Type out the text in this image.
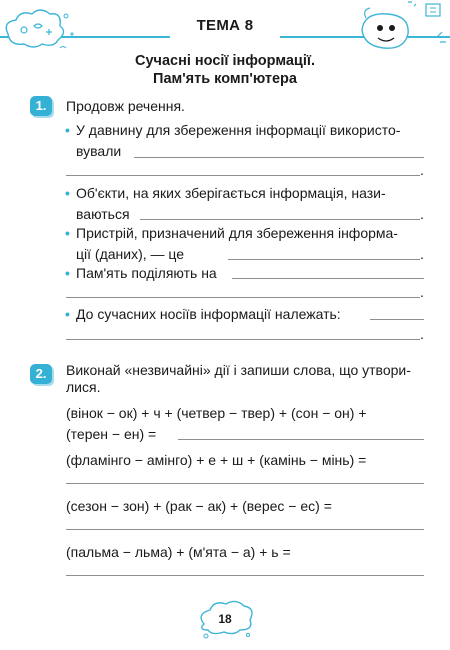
ТЕМА 8
Сучасні носії інформації.
Пам'ять комп'ютера
1.	Продовж речення.
• У давнину для збереження інформації використо-
вували
.
• Об'єкти, на яких зберігається інформація, нази-
ваються	.
• Пристрій, призначений для збереження інформа-
ції (даних), — це	.
• Пам'ять поділяють на
.
• До сучасних носіїв інформації належать:
.
2.	Виконай «незвичайні» дії і запиши слова, що утвори-
лися.
(вінок − ок) + ч + (четвер − твер) + (сон − он) +
(терен − ен) =
(фламінго − амінго) + е + ш + (камінь − мінь) =
(сезон − зон) + (рак − ак) + (верес − ес) =
(пальма − льма) + (м'ята − а) + ь =
18
